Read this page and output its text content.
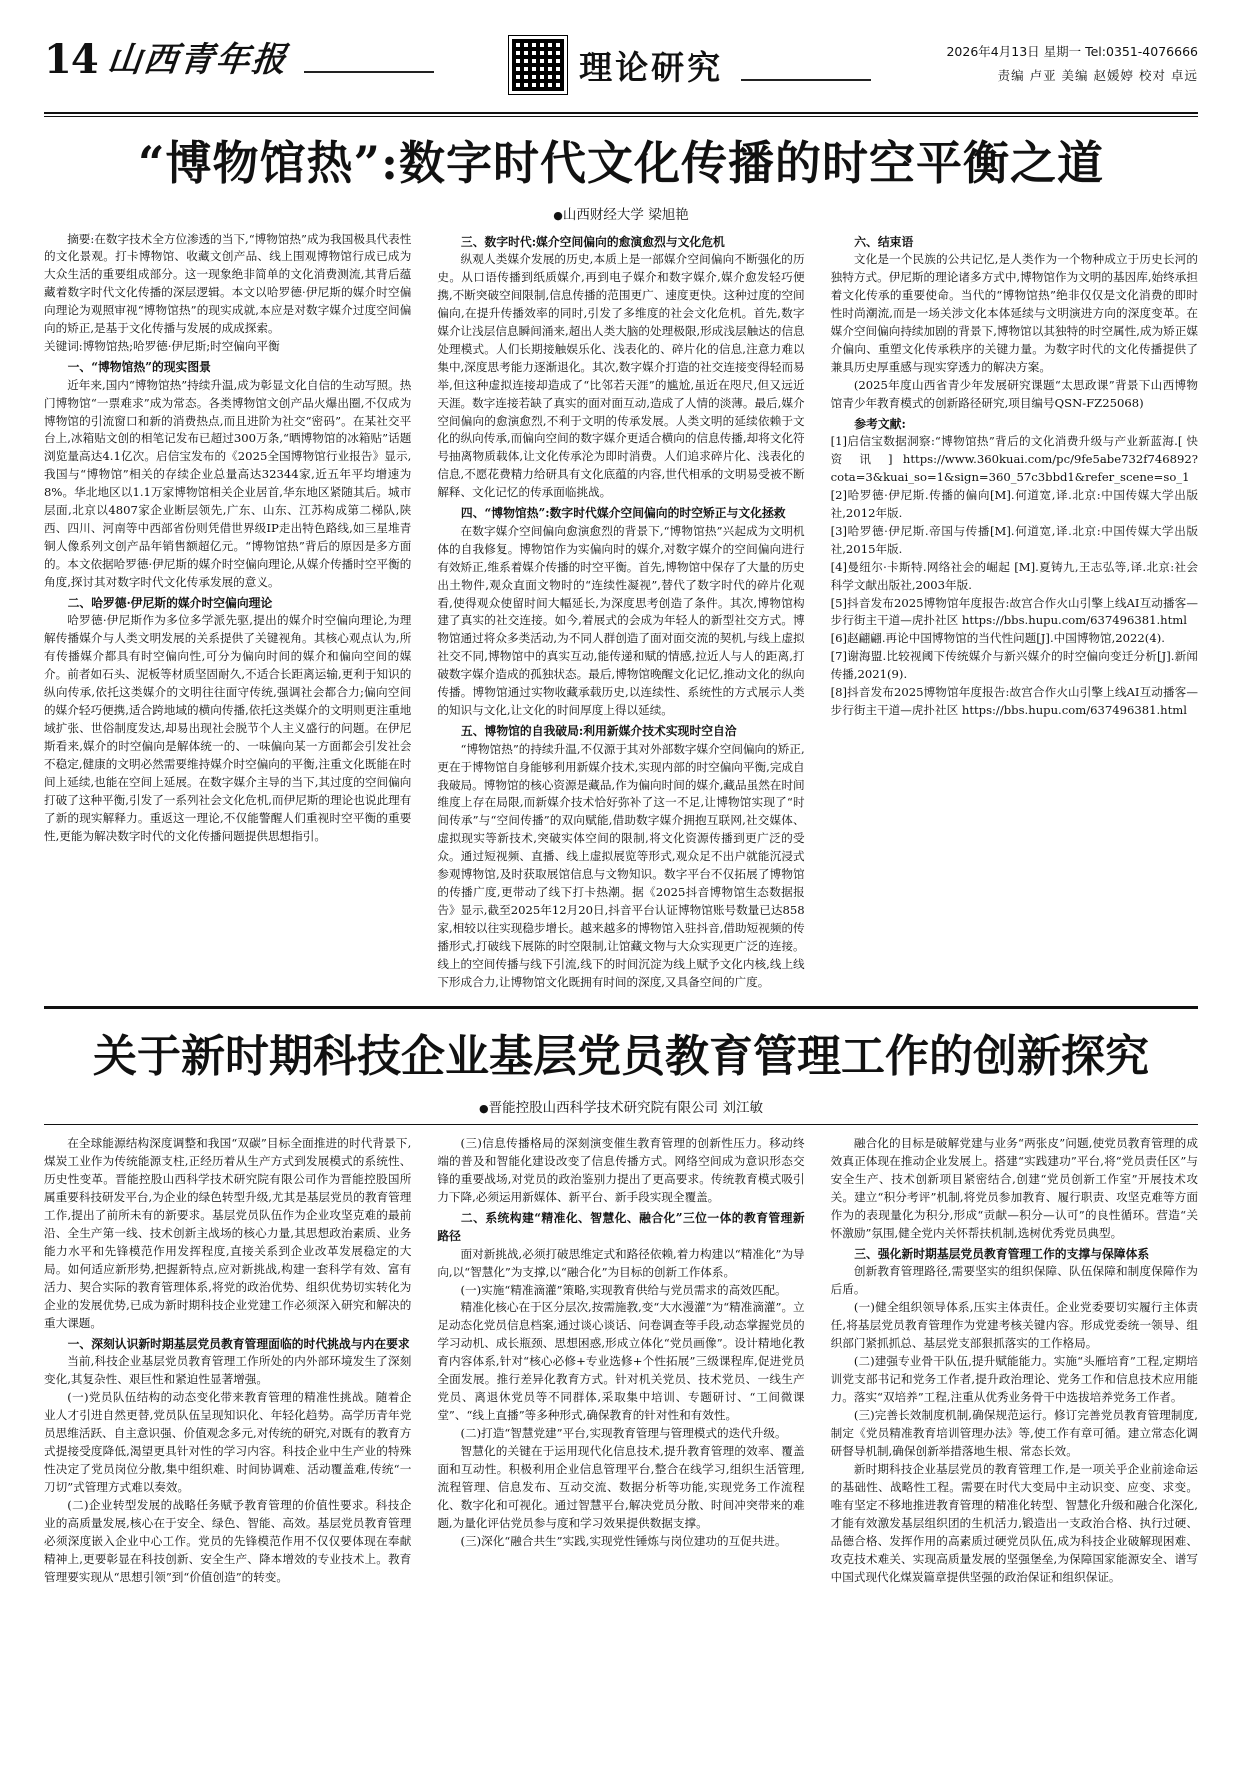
14 山西青年报	理论研究	2026年4月13日 星期一 Tel:0351-4076666
责编 卢亚 美编 赵媛婷 校对 卓远
“博物馆热”:数字时代文化传播的时空平衡之道
●山西财经大学 梁旭艳

摘要:在数字技术全方位渗透的当下,“博物馆热”成为我国极具代表性的文化景观。打卡博物馆、收藏文创产品、线上围观博物馆行成已成为大众生活的重要组成部分。这一现象绝非简单的文化消费测流,其背后蕴藏着数字时代文化传播的深层逻辑。本文以哈罗德·伊尼斯的媒介时空偏向理论为观照审视“博物馆热”的现实成就,本应是对数字媒介过度空间偏向的矫正,是基于文化传播与发展的成成探索。

关键词:博物馆热;哈罗德·伊尼斯;时空偏向平衡

一、“博物馆热”的现实图景

近年来,国内“博物馆热”持续升温,成为彰显文化自信的生动写照。热门博物馆“一票难求”成为常态。各类博物馆文创产品火爆出圈,不仅成为博物馆的引流窗口和新的消费热点,而且进阶为社交“密码”。在某社交平台上,冰箱贴文创的相笔记发布已超过300万条,“晒博物馆的冰箱贴”话题浏览量高达4.1亿次。启信宝发布的《2025全国博物馆行业报告》显示,我国与“博物馆”相关的存续企业总量高达32344家,近五年平均增速为8%。华北地区以1.1万家博物馆相关企业居首,华东地区紧随其后。城市层面,北京以4807家企业断层领先,广东、山东、江苏构成第二梯队,陕西、四川、河南等中西部省份则凭借世界级IP走出特色路线,如三星堆青铜人像系列文创产品年销售额超亿元。“博物馆热”背后的原因是多方面的。本文依据哈罗德·伊尼斯的媒介时空偏向理论,从媒介传播时空平衡的角度,探讨其对数字时代文化传承发展的意义。

二、哈罗德·伊尼斯的媒介时空偏向理论

哈罗德·伊尼斯作为多位多学派先驱,提出的媒介时空偏向理论,为理解传播媒介与人类文明发展的关系提供了关键视角。其核心观点认为,所有传播媒介都具有时空偏向性,可分为偏向时间的媒介和偏向空间的媒介。前者如石头、泥板等材质坚固耐久,不适合长距离运输,更利于知识的纵向传承,依托这类媒介的文明往往面守传统,强调社会都合力;偏向空间的媒介轻巧便携,适合跨地域的横向传播,依托这类媒介的文明则更注重地域扩张、世俗制度发达,却易出现社会脱节个人主义盛行的问题。在伊尼斯看来,媒介的时空偏向是解体统一的、一味偏向某一方面都会引发社会不稳定,健康的文明必然需要维持媒介时空偏向的平衡,注重文化既能在时间上延续,也能在空间上延展。在数字媒介主导的当下,其过度的空间偏向打破了这种平衡,引发了一系列社会文化危机,而伊尼斯的理论也说此理有了新的现实解释力。重返这一理论,不仅能警醒人们重视时空平衡的重要性,更能为解决数字时代的文化传播问题提供思想指引。

三、数字时代:媒介空间偏向的愈演愈烈与文化危机

纵观人类媒介发展的历史,本质上是一部媒介空间偏向不断强化的历史。从口语传播到纸质媒介,再到电子媒介和数字媒介,媒介愈发轻巧便携,不断突破空间限制,信息传播的范围更广、速度更快。这种过度的空间偏向,在提升传播效率的同时,引发了多维度的社会文化危机。首先,数字媒介让浅层信息瞬间涌来,超出人类大脑的处理极限,形成浅层触达的信息处理模式。人们长期接触娱乐化、浅表化的、碎片化的信息,注意力难以集中,深度思考能力逐渐退化。其次,数字媒介打造的社交连接变得轻而易举,但这种虚拟连接却造成了“比邻若天涯”的尴尬,虽近在咫尺,但又远近天涯。数字连接若缺了真实的面对面互动,造成了人情的淡薄。最后,媒介空间偏向的愈演愈烈,不利于文明的传承发展。人类文明的延续依赖于文化的纵向传承,而偏向空间的数字媒介更适合横向的信息传播,却将文化符号抽离物质载体,让文化传承沦为即时消费。人们追求碎片化、浅表化的信息,不愿花费精力给研具有文化底蕴的内容,世代相承的文明易受被不断解释、文化记忆的传承面临挑战。

四、“博物馆热”:数字时代媒介空间偏向的时空矫正与文化拯救

在数字媒介空间偏向愈演愈烈的背景下,“博物馆热”兴起成为文明机体的自我修复。博物馆作为实偏向时的媒介,对数字媒介的空间偏向进行有效矫正,维系着媒介传播的时空平衡。首先,博物馆中保存了大量的历史出土物件,观众直面文物时的“连续性凝视”,替代了数字时代的碎片化观看,使得观众使留时间大幅延长,为深度思考创造了条件。其次,博物馆构建了真实的社交连接。如今,着展式的会成为年轻人的新型社交方式。博物馆通过将众多类活动,为不同人群创造了面对面交流的契机,与线上虚拟社交不同,博物馆中的真实互动,能传递和赋的情感,拉近人与人的距离,打破数字媒介造成的孤独状态。最后,博物馆晚醒文化记忆,推动文化的纵向传播。博物馆通过实物收藏承载历史,以连续性、系统性的方式展示人类的知识与文化,让文化的时间厚度上得以延续。

五、博物馆的自我破局:利用新媒介技术实现时空自洽

“博物馆热”的持续升温,不仅源于其对外部数字媒介空间偏向的矫正,更在于博物馆自身能够利用新媒介技术,实现内部的时空偏向平衡,完成自我破局。博物馆的核心资源是藏品,作为偏向时间的媒介,藏品虽然在时间维度上存在局限,而新媒介技术恰好弥补了这一不足,让博物馆实现了“时间传承”与“空间传播”的双向赋能,借助数字媒介拥抱互联网,社交媒体、虚拟现实等新技术,突破实体空间的限制,将文化资源传播到更广泛的受众。通过短视频、直播、线上虚拟展览等形式,观众足不出户就能沉浸式参观博物馆,及时获取展馆信息与文物知识。数字平台不仅拓展了博物馆的传播广度,更带动了线下打卡热潮。据《2025抖音博物馆生态数据报告》显示,截至2025年12月20日,抖音平台认证博物馆账号数量已达858家,相较以往实现稳步增长。越来越多的博物馆入驻抖音,借助短视频的传播形式,打破线下展陈的时空限制,让馆藏文物与大众实现更广泛的连接。线上的空间传播与线下引流,线下的时间沉淀为线上赋予文化内核,线上线下形成合力,让博物馆文化既拥有时间的深度,又具备空间的广度。

六、结束语

文化是一个民族的公共记忆,是人类作为一个物种成立于历史长河的独特方式。伊尼斯的理论诸多方式中,博物馆作为文明的基因库,始终承担着文化传承的重要使命。当代的“博物馆热”绝非仅仅是文化消费的即时性时尚潮流,而是一场关涉文化本体延续与文明演进方向的深度变革。在媒介空间偏向持续加剧的背景下,博物馆以其独特的时空属性,成为矫正媒介偏向、重塑文化传承秩序的关键力量。为数字时代的文化传播提供了兼具历史厚重感与现实穿透力的解决方案。

(2025年度山西省青少年发展研究课题“太思政课”背景下山西博物馆青少年教育模式的创新路径研究,项目编号QSN-FZ25068)

参考文献:

[1]启信宝数据洞察:“博物馆热”背后的文化消费升级与产业新蓝海.[ 快 资 讯 ] https://www.360kuai.com/pc/9fe5abe732f746892?cota=3&kuai_so=1&sign=360_57c3bbd1&refer_scene=so_1

[2]哈罗德·伊尼斯.传播的偏向[M].何道宽,译.北京:中国传媒大学出版社,2012年版.

[3]哈罗德·伊尼斯.帝国与传播[M].何道宽,译.北京:中国传媒大学出版社,2015年版.

[4]曼纽尔·卡斯特.网络社会的崛起 [M].夏铸九,王志弘等,译.北京:社会科学文献出版社,2003年版.

[5]抖音发布2025博物馆年度报告:故宫合作火山引擎上线AI互动播客—步行街主干道—虎扑社区 https://bbs.hupu.com/637496381.html

[6]赵翩翩.再论中国博物馆的当代性问题[J].中国博物馆,2022(4).

[7]谢海盟.比较视阈下传统媒介与新兴媒介的时空偏向变迁分析[J].新闻传播,2021(9).

[8]抖音发布2025博物馆年度报告:故宫合作火山引擎上线AI互动播客—步行街主干道—虎扑社区 https://bbs.hupu.com/637496381.html

关于新时期科技企业基层党员教育管理工作的创新探究
●晋能控股山西科学技术研究院有限公司 刘江敏

在全球能源结构深度调整和我国“双碳”目标全面推进的时代背景下,煤炭工业作为传统能源支柱,正经历着从生产方式到发展模式的系统性、历史性变革。晋能控股山西科学技术研究院有限公司作为晋能控股国所属重要科技研发平台,为企业的绿色转型升级,尤其是基层党员的教育管理工作,提出了前所未有的新要求。基层党员队伍作为企业攻坚克难的最前沿、全生产第一线、技术创新主战场的核心力量,其思想政治素质、业务能力水平和先锋模范作用发挥程度,直接关系到企业改革发展稳定的大局。如何适应新形势,把握新特点,应对新挑战,构建一套科学有效、富有活力、契合实际的教育管理体系,将党的政治优势、组织优势切实转化为企业的发展优势,已成为新时期科技企业党建工作必须深入研究和解决的重大课题。

一、深刻认识新时期基层党员教育管理面临的时代挑战与内在要求

当前,科技企业基层党员教育管理工作所处的内外部环境发生了深刻变化,其复杂性、艰巨性和紧迫性显著增强。

(一)党员队伍结构的动态变化带来教育管理的精准性挑战。随着企业人才引进自然更替,党员队伍呈现知识化、年轻化趋势。高学历青年党员思维活跃、自主意识强、价值观念多元,对传统的研究,对既有的教育方式提接受度降低,渴望更具针对性的学习内容。科技企业中生产业的特殊性决定了党员岗位分散,集中组织难、时间协调难、活动覆盖难,传统“一刀切”式管理方式难以奏效。

(二)企业转型发展的战略任务赋予教育管理的价值性要求。科技企业的高质量发展,核心在于安全、绿色、智能、高效。基层党员教育管理必须深度嵌入企业中心工作。党员的先锋模范作用不仅仅要体现在奉献精神上,更要彰显在科技创新、安全生产、降本增效的专业技术上。教育管理要实现从“思想引领”到“价值创造”的转变。

(三)信息传播格局的深刻演变催生教育管理的创新性压力。移动终端的普及和智能化建设改变了信息传播方式。网络空间成为意识形态交锋的重要战场,对党员的政治鉴别力提出了更高要求。传统教育模式吸引力下降,必须运用新媒体、新平台、新手段实现全覆盖。

二、系统构建“精准化、智慧化、融合化”三位一体的教育管理新路径

面对新挑战,必须打破思维定式和路径依赖,着力构建以“精准化”为导向,以“智慧化”为支撑,以“融合化”为目标的创新工作体系。

(一)实施“精准滴灌”策略,实现教育供给与党员需求的高效匹配。

精准化核心在于区分层次,按需施教,变“大水漫灌”为“精准滴灌”。立足动态化党员信息档案,通过谈心谈话、问卷调查等手段,动态掌握党员的学习动机、成长瓶颈、思想困惑,形成立体化“党员画像”。设计精地化教育内容体系,针对“核心必修+专业选修+个性拓展”三级课程库,促进党员全面发展。推行差异化教育方式。针对机关党员、技术党员、一线生产党员、离退休党员等不同群体,采取集中培训、专题研讨、“工间微课堂”、“线上直播”等多种形式,确保教育的针对性和有效性。

(二)打造“智慧党建”平台,实现教育管理与管理模式的迭代升级。

智慧化的关键在于运用现代化信息技术,提升教育管理的效率、覆盖面和互动性。积极利用企业信息管理平台,整合在线学习,组织生活管理,流程管理、信息发布、互动交流、数据分析等功能,实现党务工作流程化、数字化和可视化。通过智慧平台,解决党员分散、时间冲突带来的难题,为量化评估党员参与度和学习效果提供数据支撑。

(三)深化“融合共生”实践,实现党性锤炼与岗位建功的互促共进。

融合化的目标是破解党建与业务“两张皮”问题,使党员教育管理的成效真正体现在推动企业发展上。搭建“实践建功”平台,将“党员责任区”与安全生产、技术创新项目紧密结合,创建“党员创新工作室”开展技术攻关。建立“积分考评”机制,将党员参加教育、履行职责、攻坚克难等方面作为的表现量化为积分,形成“贡献—积分—认可”的良性循环。营造“关怀激励”氛围,健全党内关怀帮扶机制,选树优秀党员典型。

三、强化新时期基层党员教育管理工作的支撑与保障体系

创新教育管理路径,需要坚实的组织保障、队伍保障和制度保障作为后盾。

(一)健全组织领导体系,压实主体责任。企业党委要切实履行主体责任,将基层党员教育管理作为党建考核关键内容。形成党委统一领导、组织部门紧抓抓总、基层党支部狠抓落实的工作格局。

(二)建强专业骨干队伍,提升赋能能力。实施“头雁培育”工程,定期培训党支部书记和党务工作者,提升政治理论、党务工作和信息技术应用能力。落实“双培养”工程,注重从优秀业务骨干中选拔培养党务工作者。

(三)完善长效制度机制,确保规范运行。修订完善党员教育管理制度,制定《党员精准教育培训管理办法》等,使工作有章可循。建立常态化调研督导机制,确保创新举措落地生根、常态长效。

新时期科技企业基层党员的教育管理工作,是一项关乎企业前途命运的基础性、战略性工程。需要在时代大变局中主动识变、应变、求变。唯有坚定不移地推进教育管理的精准化转型、智慧化升级和融合化深化,才能有效激发基层组织团的生机活力,锻造出一支政治合格、执行过硬、品德合格、发挥作用的高素质过硬党员队伍,成为科技企业破解现困难、攻克技术难关、实现高质量发展的坚强堡垒,为保障国家能源安全、谱写中国式现代化煤炭篇章提供坚强的政治保证和组织保证。
